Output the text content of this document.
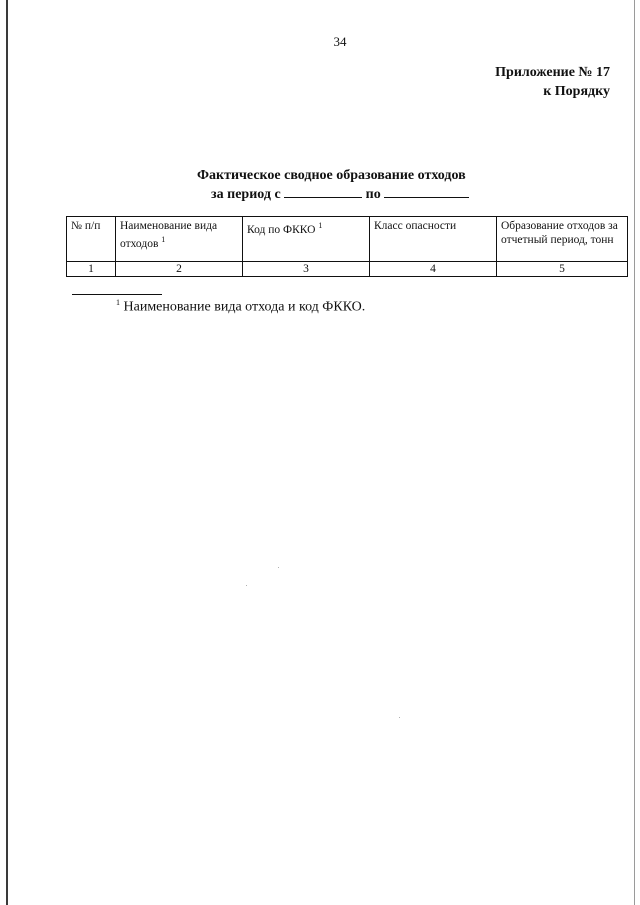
34
Приложение № 17
к Порядку
Фактическое сводное образование отходов
за период с	по
№ п/п	Наименование вида отходов $^1$	Код по ФККО $^1$	Класс опасности	Образование отходов за отчетный период, тонн
1	2	3	4	5
$^1$ Наименование вида отхода и код ФККО.
